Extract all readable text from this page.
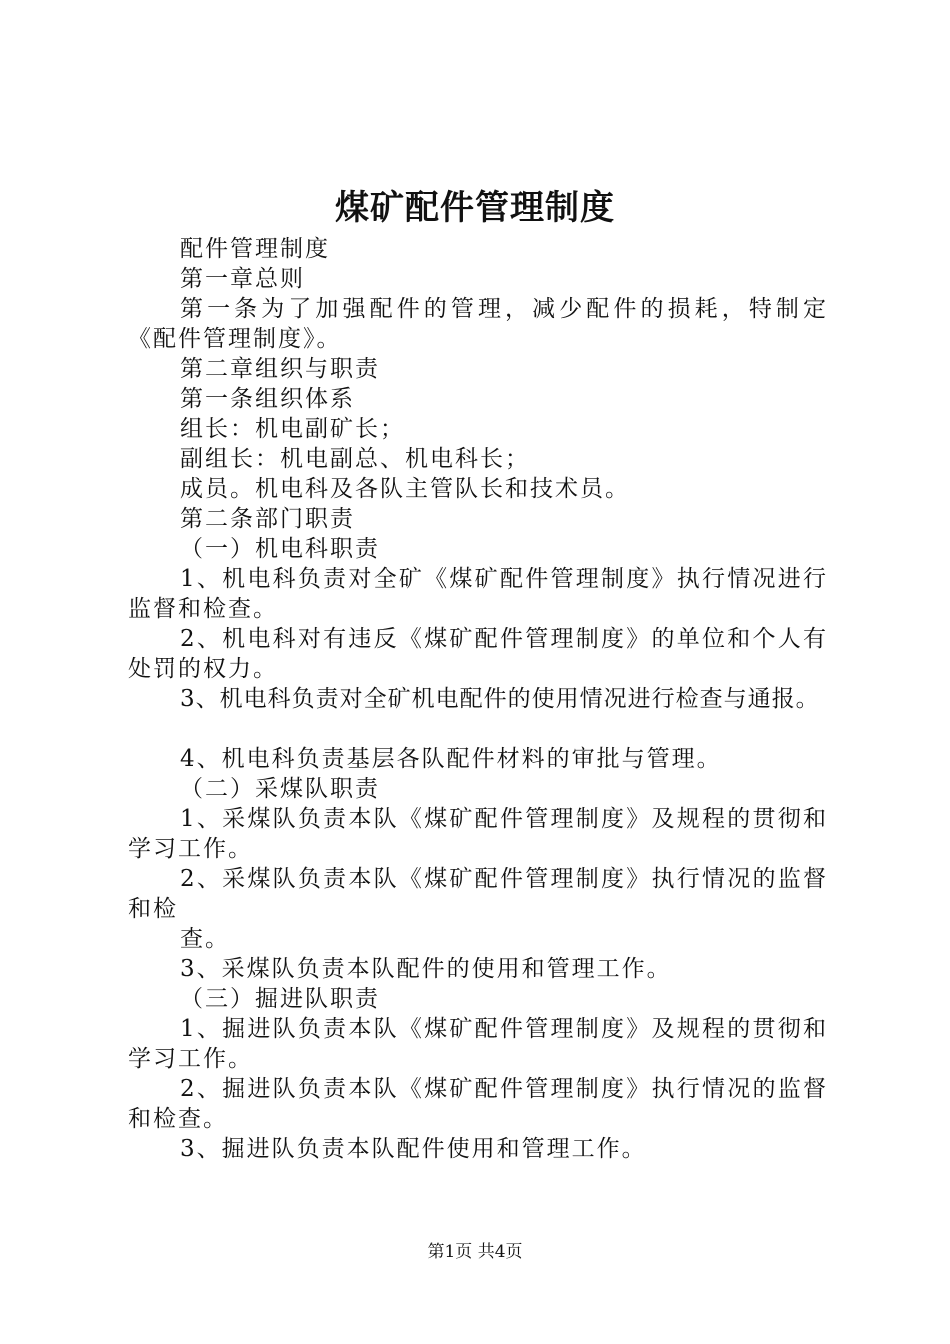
煤矿配件管理制度
配件管理制度
第一章总则
第一条为了加强配件的管理，减少配件的损耗，特制定
《配件管理制度》。
第二章组织与职责
第一条组织体系
组长：机电副矿长；
副组长：机电副总、机电科长；
成员。机电科及各队主管队长和技术员。
第二条部门职责
（一）机电科职责
1、机电科负责对全矿《煤矿配件管理制度》执行情况进行
监督和检查。
2、机电科对有违反《煤矿配件管理制度》的单位和个人有
处罚的权力。
3、机电科负责对全矿机电配件的使用情况进行检查与通报。
4、机电科负责基层各队配件材料的审批与管理。
（二）采煤队职责
1、采煤队负责本队《煤矿配件管理制度》及规程的贯彻和
学习工作。
2、采煤队负责本队《煤矿配件管理制度》执行情况的监督
和检
查。
3、采煤队负责本队配件的使用和管理工作。
（三）掘进队职责
1、掘进队负责本队《煤矿配件管理制度》及规程的贯彻和
学习工作。
2、掘进队负责本队《煤矿配件管理制度》执行情况的监督
和检查。
3、掘进队负责本队配件使用和管理工作。
第1页 共4页
